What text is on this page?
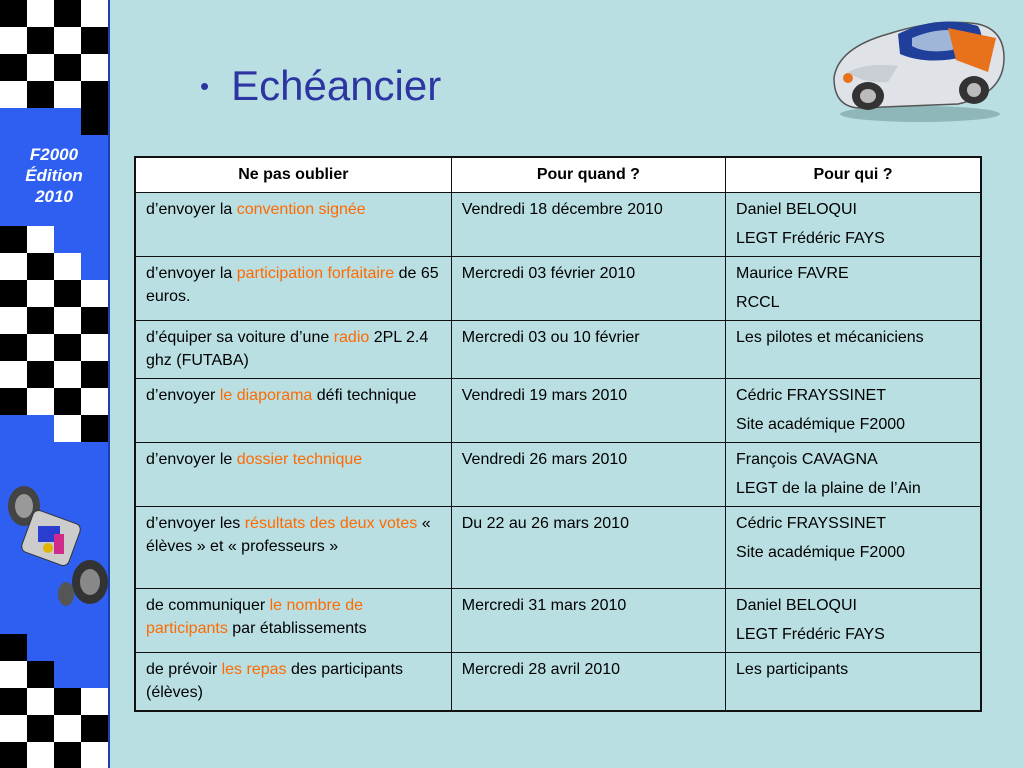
F2000
Édition
2010
• Echéancier
Ne pas oublier	Pour quand ?	Pour qui ?
d’envoyer la convention signée	Vendredi 18 décembre 2010	Daniel BELOQUI
LEGT Frédéric FAYS

d’envoyer la participation forfaitaire de 65 euros.	Mercredi 03 février 2010	Maurice FAVRE
RCCL

d’équiper sa voiture d’une radio 2PL 2.4 ghz (FUTABA)	Mercredi 03 ou 10 février	Les pilotes et mécaniciens

d’envoyer le diaporama défi technique	Vendredi 19 mars 2010	Cédric FRAYSSINET
Site académique F2000

d’envoyer le dossier technique	Vendredi 26 mars 2010	François CAVAGNA
LEGT de la plaine de l’Ain

d’envoyer les résultats des deux votes « élèves » et « professeurs »	Du 22 au 26 mars 2010	Cédric FRAYSSINET
Site académique F2000

de communiquer le nombre de participants par établissements	Mercredi 31 mars 2010	Daniel BELOQUI
LEGT Frédéric FAYS

de prévoir les repas des participants (élèves)	Mercredi 28 avril 2010	Les participants
